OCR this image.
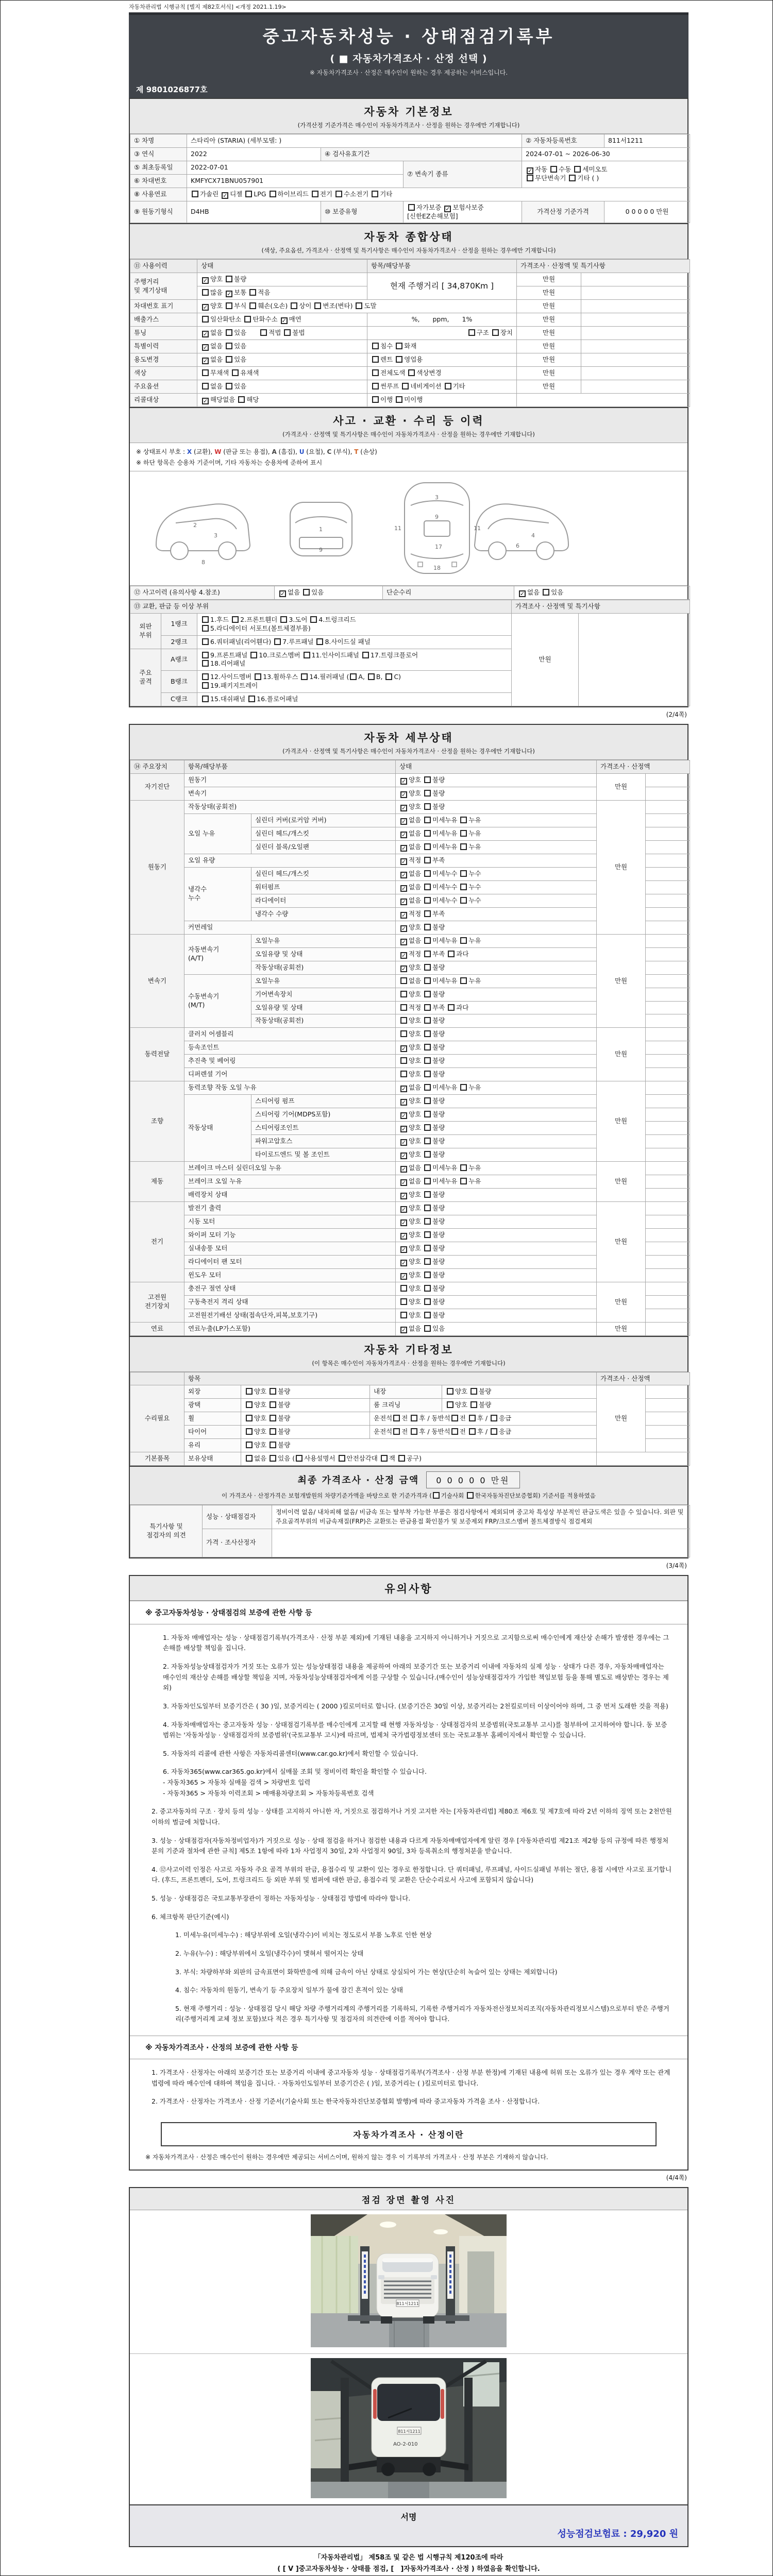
자동차관리법 시행규칙 [별지 제82호서식] <개정 2021.1.19>
중고자동차성능 · 상태점검기록부
( ■ 자동차가격조사 · 산정 선택 )
※ 자동차가격조사 · 산정은 매수인이 원하는 경우 제공하는 서비스입니다.
제 9801026877호
자동차 기본정보
(가격산정 기준가격은 매수인이 자동차가격조사 · 산정을 원하는 경우에만 기재합니다)
① 차명	스타리아 (STARIA) (세부모델: )			② 자동차등록번호	811서1211
③ 연식	2022	④ 검사유효기간		2024-07-01 ~ 2026-06-30	
⑤ 최초등록일	2022-07-01		⑦ 변속기 종류	✓ 자동 수동 세미오토
무단변속기 기타 ( )	
⑥ 차대번호	KMFYCX71BNU057901				
⑧ 사용연료	가솔린 ✓ 디젤 LPG 하이브리드 전기 수소전기 기타				
⑨ 원동기형식	D4HB	⑩ 보증유형	자가보증 ✓ 보험사보증 [신한EZ손해보험]	가격산정 기준가격	0 0 0 0 0 만원
자동차 종합상태
(색상, 주요옵션, 가격조사 · 산정액 및 특기사항은 매수인이 자동차가격조사 · 산정을 원하는 경우에만 기재합니다)
⑪ 사용이력	상태	항목/해당부품	가격조사 · 산정액 및 특기사항	
주행거리
및 계기상태	✓ 양호 불량	현재 주행거리 [ 34,870Km ]	만원	
	많음 ✓ 보통 적음		만원	
차대번호 표기	✓ 양호 부식 훼손(오손) 상이 변조(변타) 도말		만원	
배출가스	일산화탄소 탄화수소 ✓ 매연	%,　　ppm,　　1%	만원	
튜닝	✓ 없음 있음　　적법 불법	구조 장치	만원	
특별이력	✓ 없음 있음	침수 화재	만원	
용도변경	✓ 없음 있음	렌트 영업용	만원	
색상	무채색 유채색	전체도색 색상변경	만원	
주요옵션	없음 있음	썬루프 네비게이션 기타	만원	
리콜대상	✓ 해당없음 해당	이행 미이행		
사고 · 교환 · 수리 등 이력
(가격조사 · 산정액 및 특기사항은 매수인이 자동차가격조사 · 산정을 원하는 경우에만 기재합니다)
※ 상태표시 부호 : X (교환), W (판금 또는 용접), A (흠집), U (요철), C (부식), T (손상)
※ 하단 항목은 승용차 기준이며, 기타 자동차는 승용차에 준하여 표시
2
3
8
1
9
11
3
9
17
18
11
4
6
⑫ 사고이력 (유의사항 4.참조)	✓ 없음 있음	단순수리	✓ 없음 있음
⑬ 교환, 판금 등 이상 부위			가격조사 · 산정액 및 특기사항	
외판
부위	1랭크	1.후드 2.프론트휀더 3.도어 4.트렁크리드
5.라디에이터 서포트(볼트체결부품)	만원	
	2랭크	6.쿼터패널(리어휀다) 7.루프패널 8.사이드실 패널		
주요
골격	A랭크	9.프론트패널 10.크로스멤버 11.인사이드패널 17.트렁크플로어
18.리어패널		
	B랭크	12.사이드멤버 13.휠하우스 14.필러패널 ( A, B, C)
19.패키지트레이		
	C랭크	15.대쉬패널 16.플로어패널		
(2/4쪽)
자동차 세부상태
(가격조사 · 산정액 및 특기사항은 매수인이 자동차가격조사 · 산정을 원하는 경우에만 기재합니다)
⑭ 주요장치	항목/해당부품		상태	가격조사 · 산정액	
자기진단	원동기		✓ 양호 불량	만원	
	변속기		✓ 양호 불량		
원동기	작동상태(공회전)		✓ 양호 불량	만원	
	오일 누유	실린더 커버(로커암 커버)	✓ 없음 미세누유 누유		
		실린더 헤드/개스킷	✓ 없음 미세누유 누유		
		실린더 블록/오일팬	✓ 없음 미세누유 누유		
	오일 유량		✓ 적정 부족		
	냉각수
누수	실린더 헤드/개스킷	✓ 없음 미세누수 누수		
		워터펌프	✓ 없음 미세누수 누수		
		라디에이터	✓ 없음 미세누수 누수		
		냉각수 수량	✓ 적정 부족		
	커먼레일		✓ 양호 불량		
변속기	자동변속기
(A/T)	오일누유	✓ 없음 미세누유 누유	만원	
		오일유량 및 상태	✓ 적정 부족 과다		
		작동상태(공회전)	✓ 양호 불량		
	수동변속기
(M/T)	오일누유	없음 미세누유 누유		
		기어변속장치	양호 불량		
		오일유량 및 상태	적정 부족 과다		
		작동상태(공회전)	양호 불량		
동력전달	클러치 어셈블리		양호 불량	만원	
	등속조인트		✓ 양호 불량		
	추진축 및 베어링		양호 불량		
	디퍼렌셜 기어		양호 불량		
조향	동력조향 작동 오일 누유		✓ 없음 미세누유 누유	만원	
	작동상태	스티어링 펌프	✓ 양호 불량		
		스티어링 기어(MDPS포함)	✓ 양호 불량		
		스티어링조인트	✓ 양호 불량		
		파워고압호스	✓ 양호 불량		
		타이로드엔드 및 볼 조인트	✓ 양호 불량		
제동	브레이크 마스터 실린더오일 누유		✓ 없음 미세누유 누유	만원	
	브레이크 오일 누유		✓ 없음 미세누유 누유		
	배력장치 상태		✓ 양호 불량		
전기	발전기 출력		✓ 양호 불량	만원	
	시동 모터		✓ 양호 불량		
	와이퍼 모터 기능		✓ 양호 불량		
	실내송풍 모터		✓ 양호 불량		
	라디에이터 팬 모터		✓ 양호 불량		
	윈도우 모터		✓ 양호 불량		
고전원
전기장치	충전구 절연 상태		양호 불량	만원	
	구동축전지 격리 상태		양호 불량		
	고전원전기배선 상태(접속단자,피복,보호기구)		양호 불량		
연료	연료누출(LP가스포함)		✓ 없음 있음	만원	
자동차 기타정보
(이 항목은 매수인이 자동차가격조사 · 산정을 원하는 경우에만 기재합니다)
	항목				가격조사 · 산정액	
수리필요	외장	양호 불량	내장	양호 불량	만원	
	광택	양호 불량	룸 크리닝	양호 불량		
	휠	양호 불량	운전석 전 후 / 동반석 전 후 / 응급			
	타이어	양호 불량	운전석 전 후 / 동반석 전 후 / 응급			
	유리	양호 불량				
기본품목	보유상태	없음 있음 ( 사용설명서 안전삼각대 잭 공구)				
최종 가격조사 · 산정 금액 0 0 0 0 0 만원
이 가격조사 · 산정가격은 보험개발원의 차량기준가액을 바탕으로 한 기준가격과 ( 기술사회 한국자동차진단보증협회) 기준서를 적용하였음
특기사항 및
점검자의 의견	성능 · 상태점검자	정비이력 없음/ 내차피해 없음/ 비금속 또는 탈부착 가능한 부품은 점검사항에서 제외되며 중고차 특성상 부분적인 판금도색은 있을 수 있습니다. 외판 및 주요골격부위의 비금속재질(FRP)은 교환또는 판금용접 확인불가 및 보증제외 FRP/크로스멤버 볼트체결방식 점검제외
	가격 · 조사산정자	
(3/4쪽)
유의사항
※ 중고자동차성능 · 상태점검의 보증에 관한 사항 등
1. 자동차 매매업자는 성능 · 상태점검기록부(가격조사 · 산정 부분 제외)에 기재된 내용을 고지하지 아니하거나 거짓으로 고지함으로써 매수인에게 재산상 손해가 발생한 경우에는 그 손해를 배상할 책임을 집니다.
2. 자동차성능상태점검자가 거짓 또는 오류가 있는 성능상태점검 내용을 제공하여 아래의 보증기간 또는 보증거리 이내에 자동차의 실제 성능 · 상태가 다른 경우, 자동차매매업자는 매수인의 재산상 손해를 배상할 책임을 지며, 자동차성능상태점검자에게 이를 구상할 수 있습니다.(매수인이 성능상태점검자가 가입한 책임보험 등을 통해 별도로 배상받는 경우는 제외)
3. 자동차인도일부터 보증기간은 ( 30 )일, 보증거리는 ( 2000 )킬로미터로 합니다. (보증기간은 30일 이상, 보증거리는 2천킬로미터 이상이어야 하며, 그 중 먼저 도래한 것을 적용)
4. 자동차매매업자는 중고자동차 성능 · 상태점검기록부를 매수인에게 고지할 때 현행 자동차성능 · 상태점검자의 보증범위(국토교통부 고시)를 첨부하여 고지하여야 합니다. 동 보증범위는 '자동차성능 · 상태점검자의 보증범위'(국토교통부 고시)에 따르며, 법제처 국가법령정보센터 또는 국토교통부 홈페이지에서 확인할 수 있습니다.
5. 자동차의 리콜에 관한 사항은 자동차리콜센터(www.car.go.kr)에서 확인할 수 있습니다.
6. 자동차365(www.car365.go.kr)에서 실매물 조회 및 정비이력 확인을 확인할 수 있습니다.
- 자동차365 > 자동차 실매물 검색 > 차량번호 입력
- 자동차365 > 자동차 이력조회 > 매매용차량조회 > 자동차등록번호 검색
2. 중고자동차의 구조 · 장치 등의 성능 · 상태를 고지하지 아니한 자, 거짓으로 점검하거나 거짓 고지한 자는 [자동차관리법] 제80조 제6호 및 제7호에 따라 2년 이하의 징역 또는 2천만원 이하의 벌금에 처합니다.
3. 성능 · 상태점검자(자동차정비업자)가 거짓으로 성능 · 상태 점검을 하거나 점검한 내용과 다르게 자동차매매업자에게 알린 경우 [자동차관리법 제21조 제2항 등의 규정에 따른 행정처분의 기준과 절차에 관한 규칙] 제5조 1항에 따라 1차 사업정지 30일, 2차 사업정지 90일, 3차 등록취소의 행정처분을 받습니다.
4. ⑫사고이력 인정은 사고로 자동차 주요 골격 부위의 판금, 용접수리 및 교환이 있는 경우로 한정합니다. 단 쿼터패널, 루프패널, 사이드실패널 부위는 절단, 용접 시에만 사고로 표기합니다. (후드, 프론트펜더, 도어, 트렁크리드 등 외판 부위 및 범퍼에 대한 판금, 용접수리 및 교환은 단순수리로서 사고에 포함되지 않습니다)
5. 성능 · 상태점검은 국토교통부장관이 정하는 자동차성능 · 상태점검 방법에 따라야 합니다.
6. 체크항목 판단기준(예시)
1. 미세누유(미세누수) : 해당부위에 오일(냉각수)이 비치는 정도로서 부품 노후로 인한 현상
2. 누유(누수) : 해당부위에서 오일(냉각수)이 맺혀서 떨어지는 상태
3. 부식: 차량하부와 외판의 금속표면이 화학반응에 의해 금속이 아닌 상태로 상실되어 가는 현상(단순히 녹슬어 있는 상태는 제외합니다)
4. 침수: 자동차의 원동기, 변속기 등 주요장치 일부가 물에 잠긴 흔적이 있는 상태
5. 현재 주행거리 : 성능 · 상태점검 당시 해당 차량 주행거리계의 주행거리를 기록하되, 기록한 주행거리가 자동차전산정보처리조직(자동차관리정보시스템)으로부터 받은 주행거리(주행거리계 교체 정보 포함)보다 적은 경우 특기사항 및 점검자의 의견란에 이를 적어야 합니다.
※ 자동차가격조사 · 산정의 보증에 관한 사항 등
1. 가격조사 · 산정자는 아래의 보증기간 또는 보증거리 이내에 중고자동차 성능 · 상태점검기록부(가격조사 · 산정 부분 한정)에 기재된 내용에 허위 또는 오류가 있는 경우 계약 또는 관계법령에 따라 매수인에 대하여 책임을 집니다. · 자동차인도일부터 보증기간은 ( )일, 보증거리는 ( )킬로미터로 합니다.
2. 가격조사 · 산정자는 가격조사 · 산정 기준서(기술사회 또는 한국자동차진단보증협회 발행)에 따라 중고자동차 가격을 조사 · 산정합니다.
자동차가격조사 · 산정이란
※ 자동차가격조사 · 산정은 매수인이 원하는 경우에만 제공되는 서비스이며, 원하지 않는 경우 이 기록부의 가격조사 · 산정 부분은 기재하지 않습니다.
(4/4쪽)
점검 장면 촬영 사진
811서1211
811서1211
AO-2-010
서명
성능점검보험료 : 29,920 원
「자동차관리법」 제58조 및 같은 법 시행규칙 제120조에 따라
( [ V ]중고자동차성능 · 상태를 점검, [　]자동차가격조사 · 산정 ) 하였음을 확인합니다.
